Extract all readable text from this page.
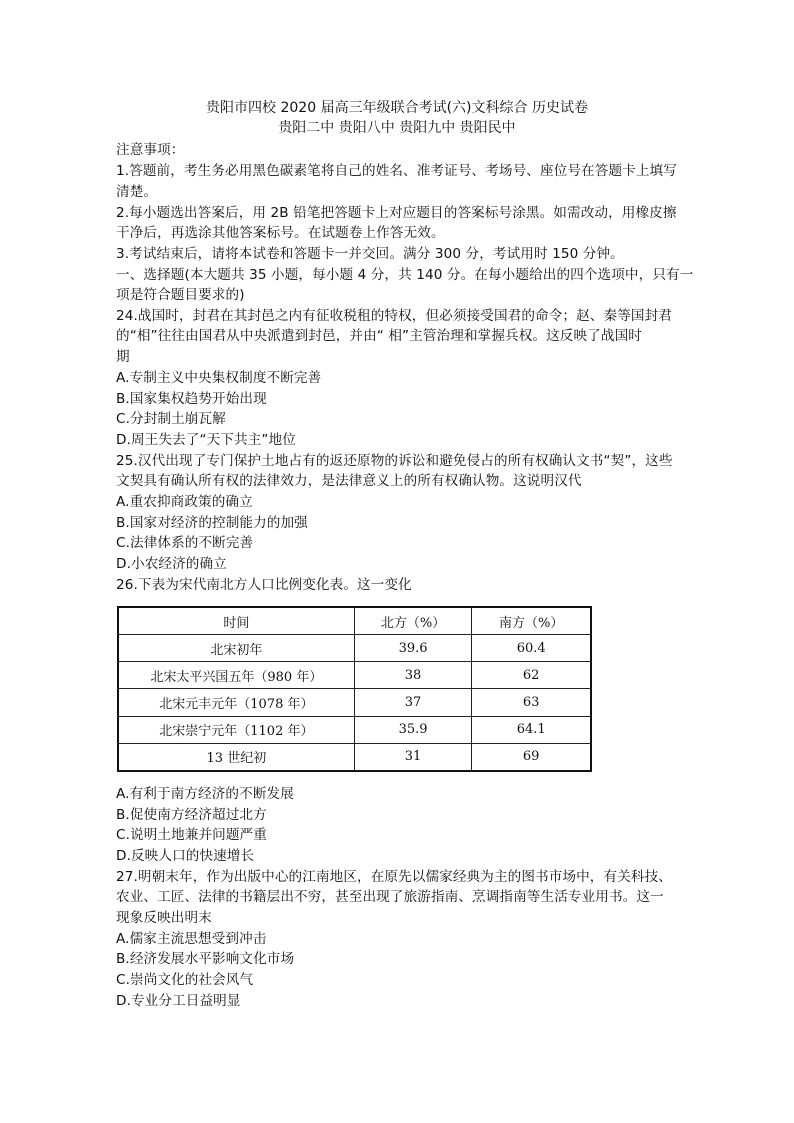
贵阳市四校 2020 届高三年级联合考试(六)文科综合 历史试卷
贵阳二中 贵阳八中 贵阳九中 贵阳民中
注意事项：
1.答题前，考生务必用黑色碳素笔将自己的姓名、准考证号、考场号、座位号在答题卡上填写
清楚。
2.每小题选出答案后，用 2B 铅笔把答题卡上对应题目的答案标号涂黑。如需改动，用橡皮擦
干净后，再选涂其他答案标号。在试题卷上作答无效。
3.考试结束后，请将本试卷和答题卡一并交回。满分 300 分，考试用时 150 分钟。
一、选择题(本大题共 35 小题，每小题 4 分，共 140 分。在每小题给出的四个选项中，只有一
项是符合题目要求的)
24.战国时，封君在其封邑之内有征收税租的特权，但必须接受国君的命令；赵、秦等国封君
的“相”往往由国君从中央派遣到封邑，并由“ 相”主管治理和掌握兵权。这反映了战国时
期
A.专制主义中央集权制度不断完善
B.国家集权趋势开始出现
C.分封制土崩瓦解
D.周王失去了“天下共主”地位
25.汉代出现了专门保护土地占有的返还原物的诉讼和避免侵占的所有权确认文书“契”，这些
文契具有确认所有权的法律效力，是法律意义上的所有权确认物。这说明汉代
A.重农抑商政策的确立
B.国家对经济的控制能力的加强
C.法律体系的不断完善
D.小农经济的确立
26.下表为宋代南北方人口比例变化表。这一变化
时间	北方（%）	南方（%）
北宋初年	39.6	60.4
北宋太平兴国五年（980 年）	38	62
北宋元丰元年（1078 年）	37	63
北宋崇宁元年（1102 年）	35.9	64.1
13 世纪初	31	69
A.有利于南方经济的不断发展
B.促使南方经济超过北方
C.说明土地兼并问题严重
D.反映人口的快速增长
27.明朝末年，作为出版中心的江南地区，在原先以儒家经典为主的图书市场中，有关科技、
农业、工匠、法律的书籍层出不穷，甚至出现了旅游指南、烹调指南等生活专业用书。这一
现象反映出明末
A.儒家主流思想受到冲击
B.经济发展水平影响文化市场
C.崇尚文化的社会风气
D.专业分工日益明显
